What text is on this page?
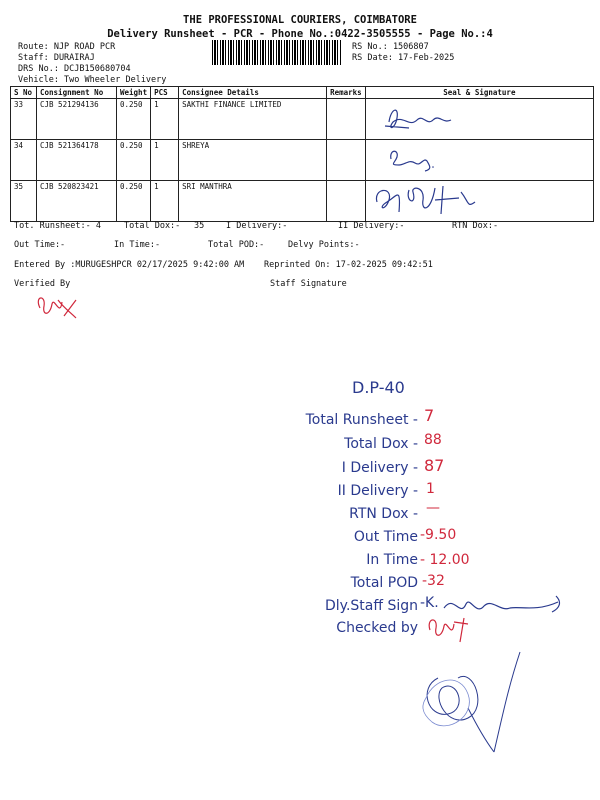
THE PROFESSIONAL COURIERS, COIMBATORE
Delivery Runsheet - PCR - Phone No.:0422-3505555 - Page No.:4
Route: NJP ROAD PCR
Staff: DURAIRAJ
DRS No.: DCJB150680704
Vehicle: Two Wheeler Delivery
RS No.: 1506807
RS Date: 17-Feb-2025
S No	Consignment No	Weight	PCS	Consignee Details	Remarks	Seal & Signature
33	CJB 521294136	0.250	1	SAKTHI FINANCE LIMITED		
34	CJB 521364178	0.250	1	SHREYA		
35	CJB 520823421	0.250	1	SRI MANTHRA		
Tot. Runsheet:- 4	Total Dox:- 35	I Delivery:-	II Delivery:-	RTN Dox:-
Out Time:-	In Time:-	Total POD:-	Delvy Points:-
Entered By :MURUGESHPCR 02/17/2025 9:42:00 AM Reprinted On: 17-02-2025 09:42:51
Verified By	Staff Signature
D.P-40
Total Runsheet - 7
Total Dox - 88
I Delivery - 87
II Delivery - 1
RTN Dox - —
Out Time -9.50
In Time - 12.00
Total POD -32
Dly.Staff Sign -K.
Checked by
